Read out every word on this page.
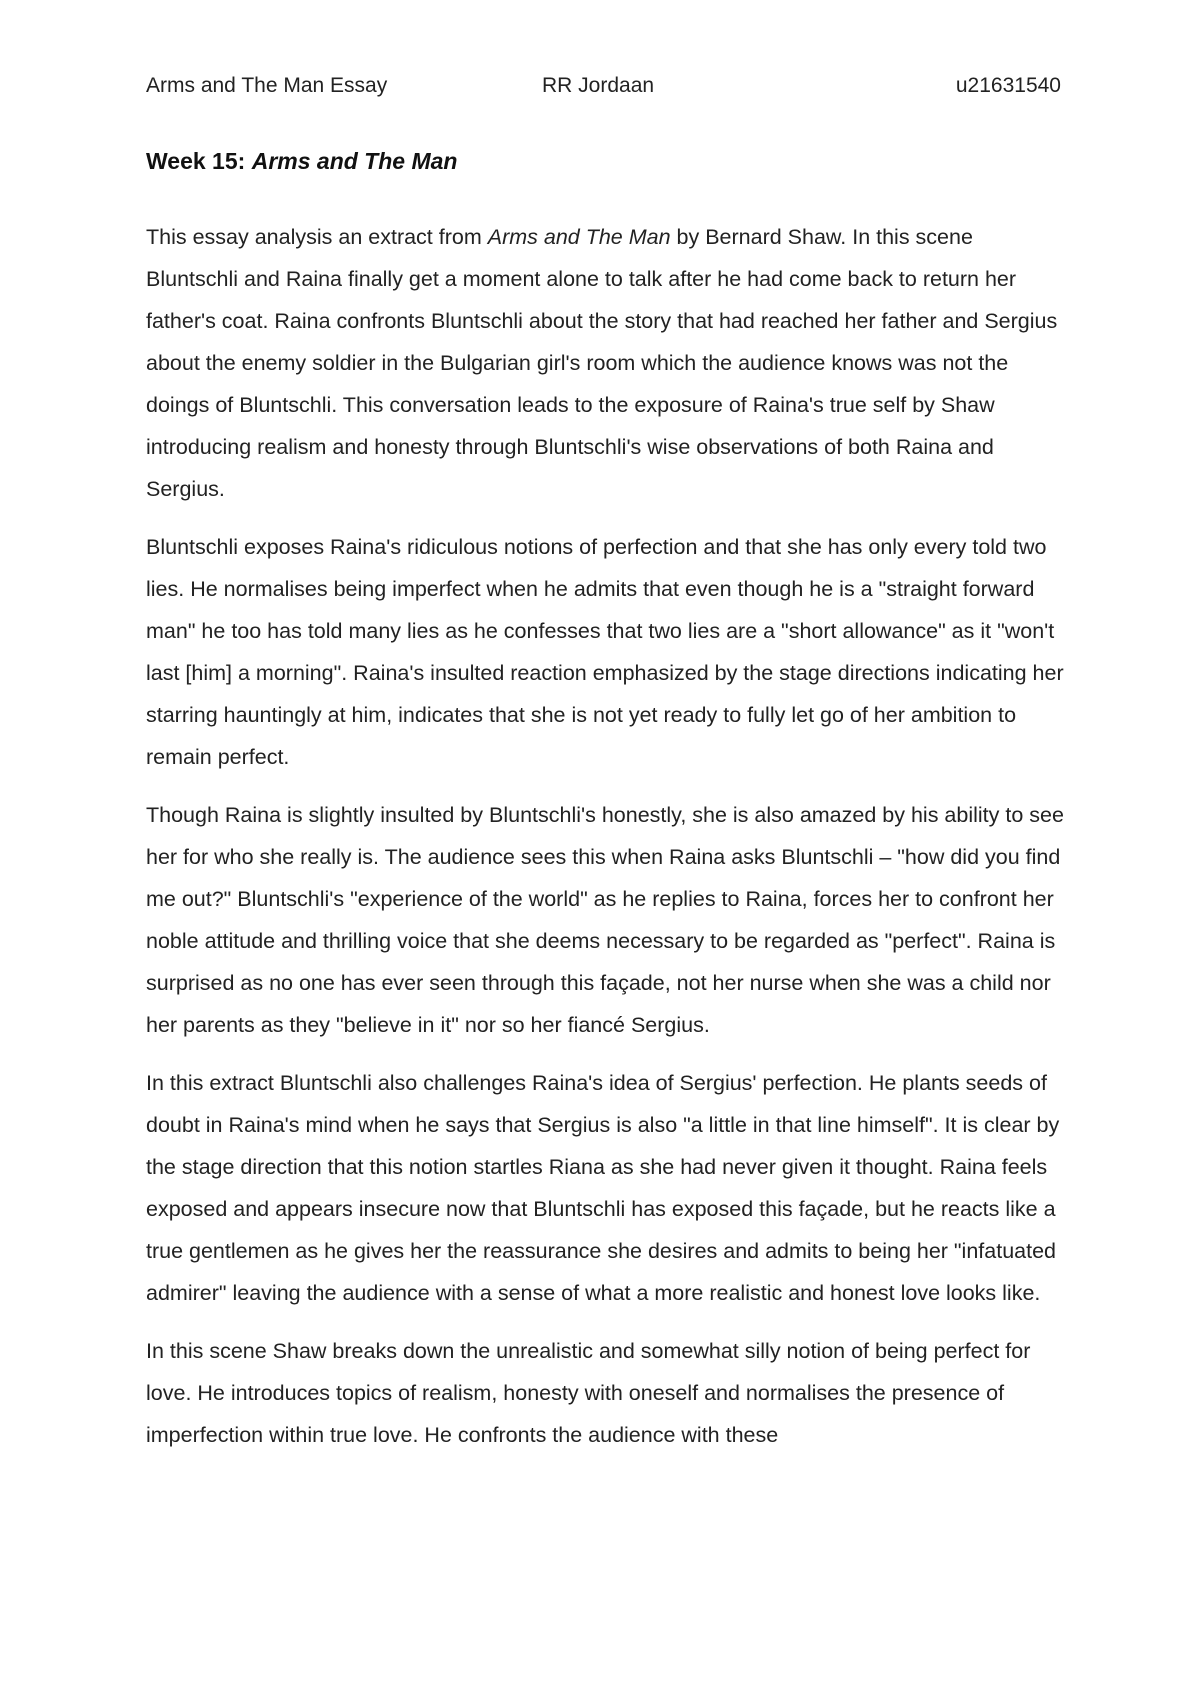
Arms and The Man Essay	RR Jordaan	u21631540
Week 15: Arms and The Man

This essay analysis an extract from Arms and The Man by Bernard Shaw. In this scene Bluntschli and Raina finally get a moment alone to talk after he had come back to return her father's coat. Raina confronts Bluntschli about the story that had reached her father and Sergius about the enemy soldier in the Bulgarian girl's room which the audience knows was not the doings of Bluntschli. This conversation leads to the exposure of Raina's true self by Shaw introducing realism and honesty through Bluntschli's wise observations of both Raina and Sergius.

Bluntschli exposes Raina's ridiculous notions of perfection and that she has only every told two lies. He normalises being imperfect when he admits that even though he is a "straight forward man" he too has told many lies as he confesses that two lies are a "short allowance" as it "won't last [him] a morning". Raina's insulted reaction emphasized by the stage directions indicating her starring hauntingly at him, indicates that she is not yet ready to fully let go of her ambition to remain perfect.

Though Raina is slightly insulted by Bluntschli's honestly, she is also amazed by his ability to see her for who she really is. The audience sees this when Raina asks Bluntschli – "how did you find me out?" Bluntschli's "experience of the world" as he replies to Raina, forces her to confront her noble attitude and thrilling voice that she deems necessary to be regarded as "perfect". Raina is surprised as no one has ever seen through this façade, not her nurse when she was a child nor her parents as they "believe in it" nor so her fiancé Sergius.

In this extract Bluntschli also challenges Raina's idea of Sergius' perfection. He plants seeds of doubt in Raina's mind when he says that Sergius is also "a little in that line himself". It is clear by the stage direction that this notion startles Riana as she had never given it thought. Raina feels exposed and appears insecure now that Bluntschli has exposed this façade, but he reacts like a true gentlemen as he gives her the reassurance she desires and admits to being her "infatuated admirer" leaving the audience with a sense of what a more realistic and honest love looks like.

In this scene Shaw breaks down the unrealistic and somewhat silly notion of being perfect for love. He introduces topics of realism, honesty with oneself and normalises the presence of imperfection within true love. He confronts the audience with these
